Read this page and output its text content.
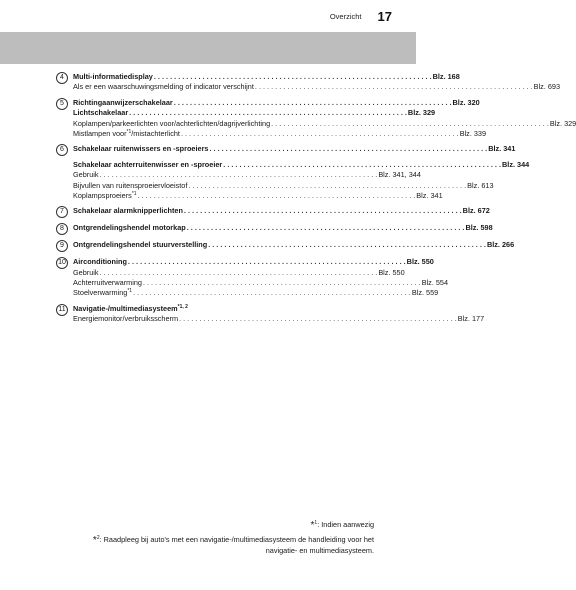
Overzicht 17
4	Multi-informatiedisplay . . .	Blz. 168
Als er een waarschuwingsmelding of indicator verschijnt . . .	Blz. 693
5	Richtingaanwijzerschakelaar . . .	Blz. 320
Lichtschakelaar . . .	Blz. 329
Koplampen/parkeerlichten voor/achterlichten/dagrijverlichting . . .	Blz. 329
Mistlampen voor$^{*1}$/mistachterlicht . . .	Blz. 339
6	Schakelaar ruitenwissers en -sproeiers . . .	Blz. 341
Schakelaar achterruitenwisser en -sproeier . . .	Blz. 344
Gebruik . . .	Blz. 341, 344
Bijvullen van ruitensproeiervloeistof . . .	Blz. 613
Koplampsproeiers$^{*1}$ . . .	Blz. 341
7	Schakelaar alarmknipperlichten . . .	Blz. 672
8	Ontgrendelingshendel motorkap . . .	Blz. 598
9	Ontgrendelingshendel stuurverstelling . . .	Blz. 266
10 Airconditioning . . .	Blz. 550
Gebruik . . .	Blz. 550
Achterruitverwarming . . .	Blz. 554
Stoelverwarming$^{*1}$ . . .	Blz. 559
11	Navigatie-/multimediasysteem$^{*1, 2}$
Energiemonitor/verbruiksscherm . . .	Blz. 177
*$^1$: Indien aanwezig
*$^2$: Raadpleeg bij auto's met een navigatie-/multimediasysteem de handleiding voor het
navigatie- en multimediasysteem.
